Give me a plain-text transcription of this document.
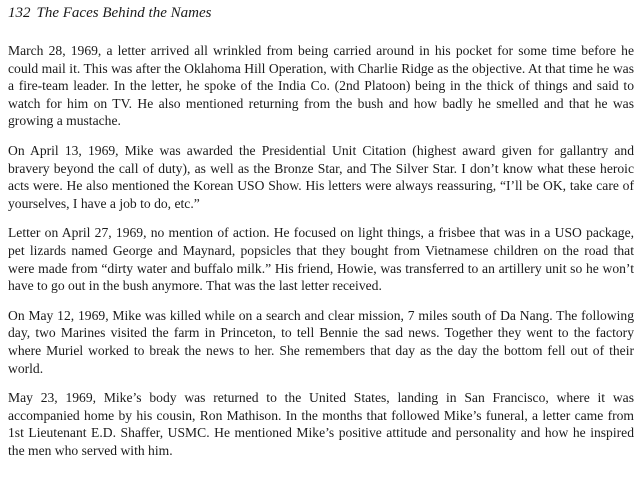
132 The Faces Behind the Names

March 28, 1969, a letter arrived all wrinkled from being carried around in his pocket for some time before he could mail it. This was after the Oklahoma Hill Operation, with Charlie Ridge as the objective. At that time he was a fire-team leader. In the letter, he spoke of the India Co. (2nd Platoon) being in the thick of things and said to watch for him on TV. He also mentioned returning from the bush and how badly he smelled and that he was growing a mustache.

On April 13, 1969, Mike was awarded the Presidential Unit Citation (highest award given for gallantry and bravery beyond the call of duty), as well as the Bronze Star, and The Silver Star. I don’t know what these heroic acts were. He also mentioned the Korean USO Show. His letters were always reassuring, “I’ll be OK, take care of yourselves, I have a job to do, etc.”

Letter on April 27, 1969, no mention of action. He focused on light things, a frisbee that was in a USO package, pet lizards named George and Maynard, popsicles that they bought from Vietnamese children on the road that were made from “dirty water and buffalo milk.” His friend, Howie, was transferred to an artillery unit so he won’t have to go out in the bush anymore. That was the last letter received.

On May 12, 1969, Mike was killed while on a search and clear mission, 7 miles south of Da Nang. The following day, two Marines visited the farm in Princeton, to tell Bennie the sad news. Together they went to the factory where Muriel worked to break the news to her. She remembers that day as the day the bottom fell out of their world.

May 23, 1969, Mike’s body was returned to the United States, landing in San Francisco, where it was accompanied home by his cousin, Ron Mathison. In the months that followed Mike’s funeral, a letter came from 1st Lieutenant E.D. Shaffer, USMC. He mentioned Mike’s positive attitude and personality and how he inspired the men who served with him.
